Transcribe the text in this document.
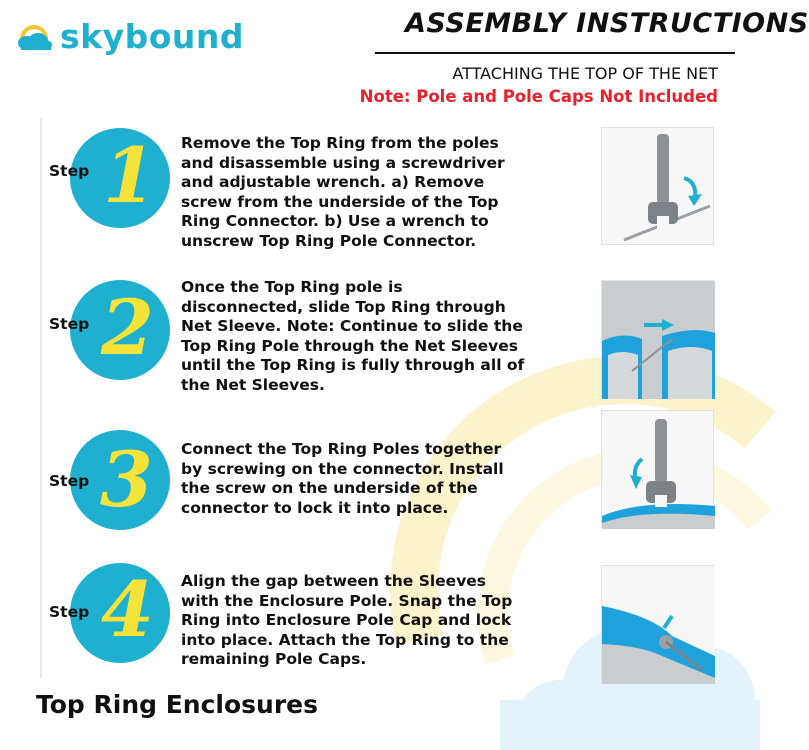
skybound	ASSEMBLY INSTRUCTIONS
ATTACHING THE TOP OF THE NET
Note: Pole and Pole Caps Not Included
Step 1 Remove the Top Ring from the poles and disassemble using a screwdriver and adjustable wrench. a) Remove screw from the underside of the Top Ring Connector. b) Use a wrench to unscrew Top Ring Pole Connector.
Step 2 Once the Top Ring pole is disconnected, slide Top Ring through Net Sleeve. Note: Continue to slide the Top Ring Pole through the Net Sleeves until the Top Ring is fully through all of the Net Sleeves.
Step 3 Connect the Top Ring Poles together by screwing on the connector. Install the screw on the underside of the connector to lock it into place.
Step 4 Align the gap between the Sleeves with the Enclosure Pole. Snap the Top Ring into Enclosure Pole Cap and lock into place. Attach the Top Ring to the remaining Pole Caps.
Top Ring Enclosures
